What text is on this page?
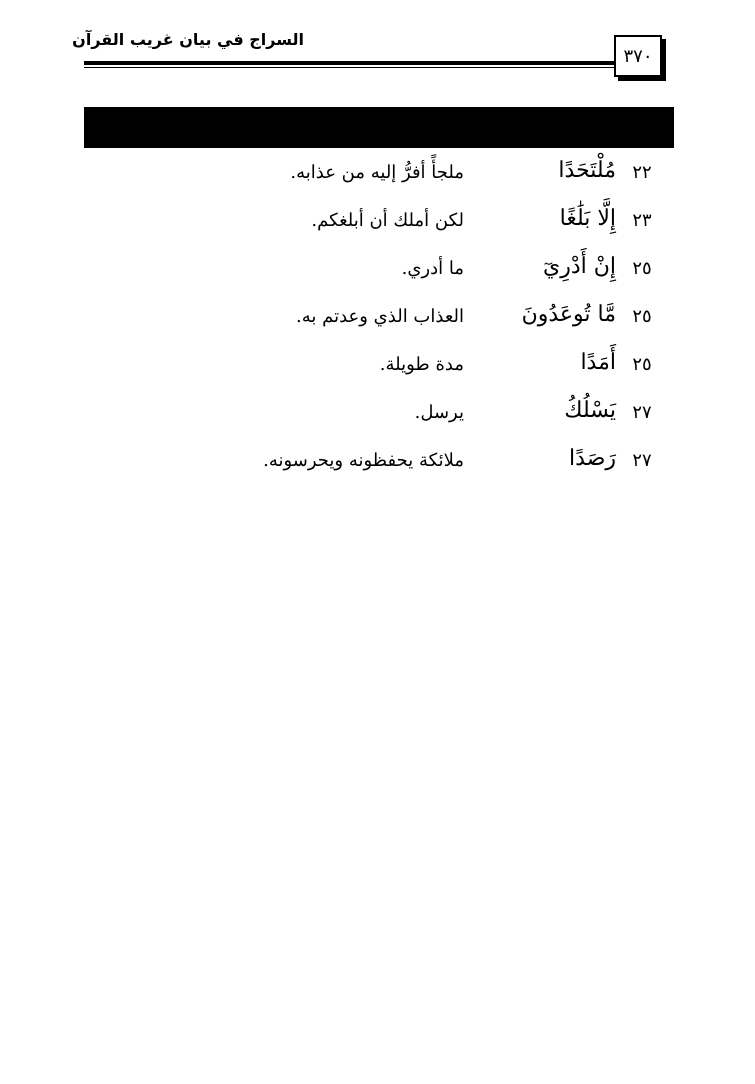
السراج في بيان غريب القرآن
٣٧٠
٢٢
مُلْتَحَدًا
ملجأً أفرُّ إليه من عذابه.
٢٣
إِلَّا بَلَٰغًا
لكن أملك أن أبلغكم.
٢٥
إِنْ أَدْرِيٓ
ما أدري.
٢٥
مَّا تُوعَدُونَ
العذاب الذي وعدتم به.
٢٥
أَمَدًا
مدة طويلة.
٢٧
يَسْلُكُ
يرسل.
٢٧
رَصَدًا
ملائكة يحفظونه ويحرسونه.
